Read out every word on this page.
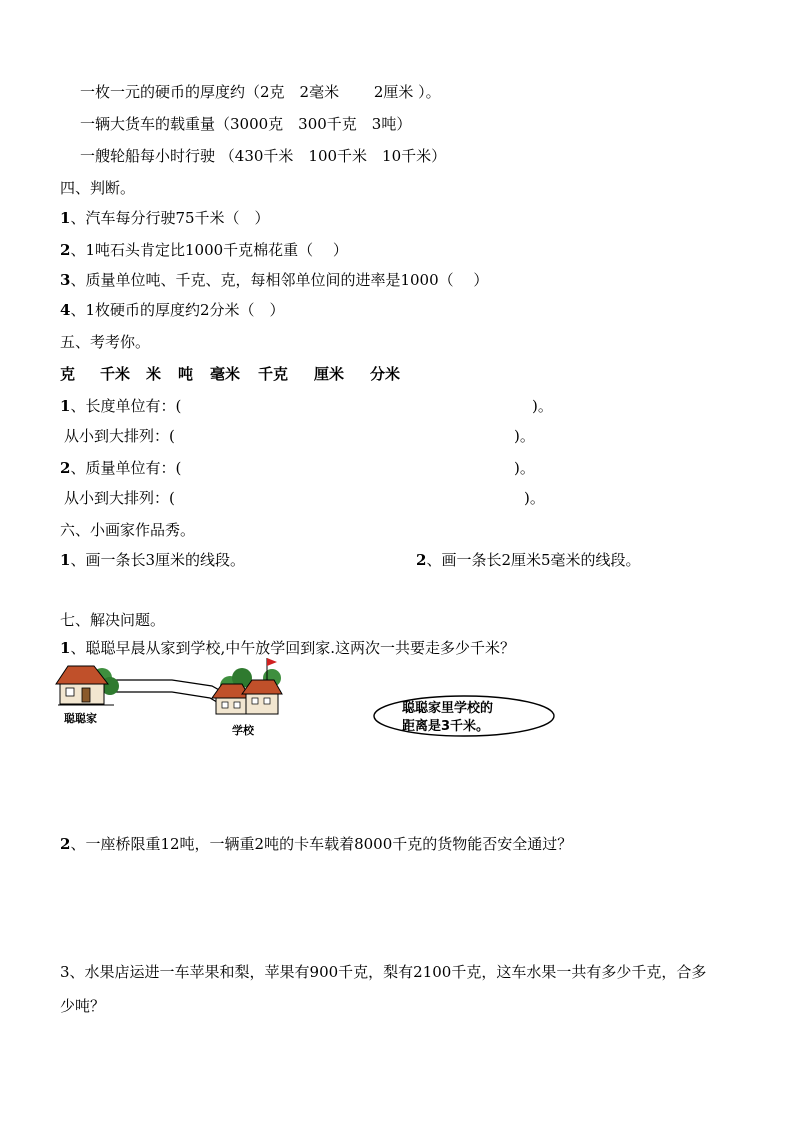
一枚一元的硬币的厚度约（2克　2毫米　　 2厘米 ）。
一辆大货车的载重量（3000克　300千克　3吨）
一艘轮船每小时行驶 （430千米　100千米　10千米）
四、判断。
1、汽车每分行驶75千米（　）
2、1吨石头肯定比1000千克棉花重（　 ）
3、质量单位吨、千克、克，每相邻单位间的进率是1000（　 ）
4、1枚硬币的厚度约2分米（　）
五、考考你。

克

千米

米

吨

毫米

千克

厘米

分米

1、长度单位有：(	)。
从小到大排列：(	)。
2、质量单位有：(	)。
从小到大排列：(	)。
六、小画家作品秀。
1、画一条长3厘米的线段。	2、画一条长2厘米5毫米的线段。
七、解决问题。
1、聪聪早晨从家到学校,中午放学回到家.这两次一共要走多少千米？
聪聪家
学校
聪聪家里学校的
距离是3千米。
2、一座桥限重12吨，一辆重2吨的卡车载着8000千克的货物能否安全通过？
3、水果店运进一车苹果和梨，苹果有900千克，梨有2100千克，这车水果一共有多少千克，合多
少吨？
